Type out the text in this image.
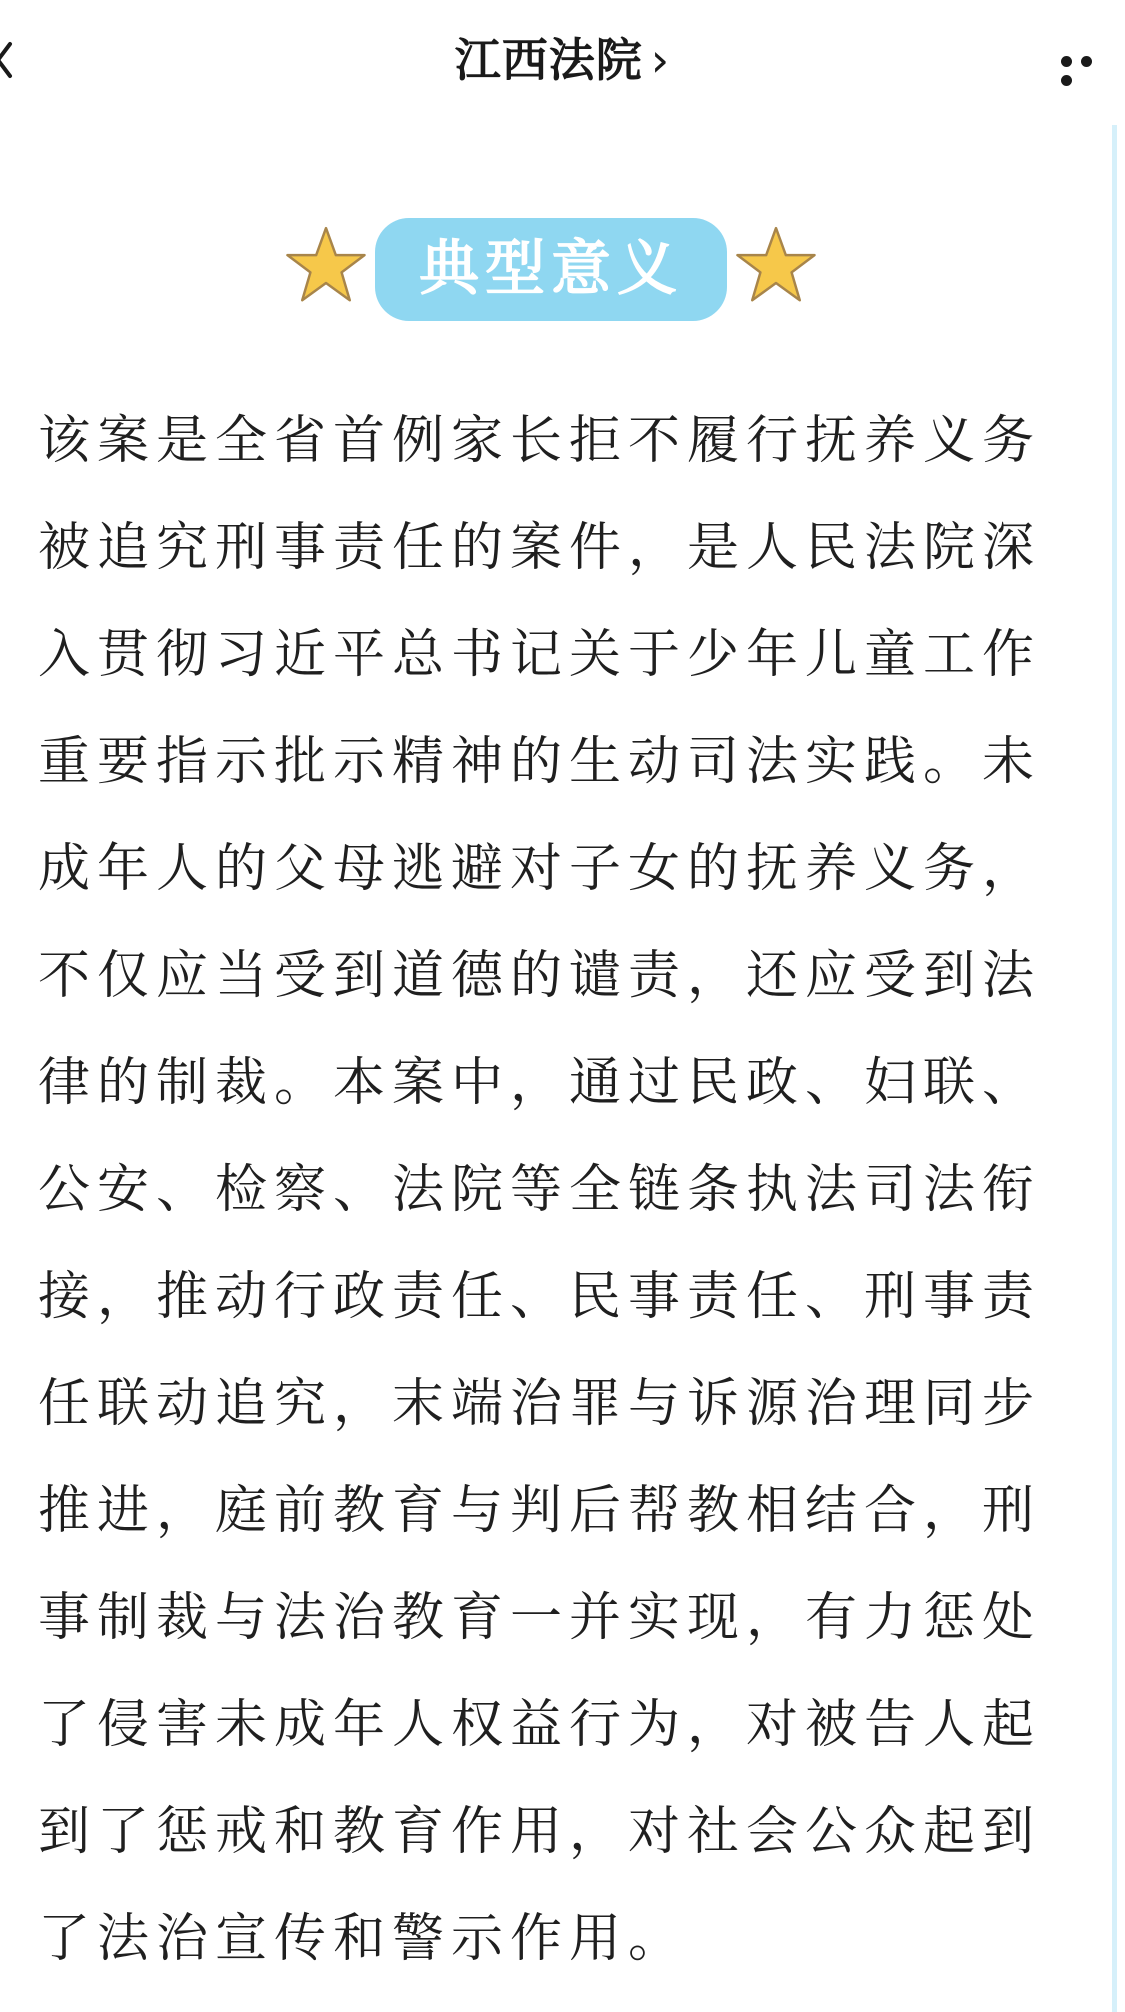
江西法院 ›
典型意义

该案是全省首例家长拒不履行抚养义务
被追究刑事责任的案件，是人民法院深
入贯彻习近平总书记关于少年儿童工作
重要指示批示精神的生动司法实践。未
成年人的父母逃避对子女的抚养义务，
不仅应当受到道德的谴责，还应受到法
律的制裁。本案中，通过民政、妇联、
公安、检察、法院等全链条执法司法衔
接，推动行政责任、民事责任、刑事责
任联动追究，末端治罪与诉源治理同步
推进，庭前教育与判后帮教相结合，刑
事制裁与法治教育一并实现，有力惩处
了侵害未成年人权益行为，对被告人起
到了惩戒和教育作用，对社会公众起到
了法治宣传和警示作用。
